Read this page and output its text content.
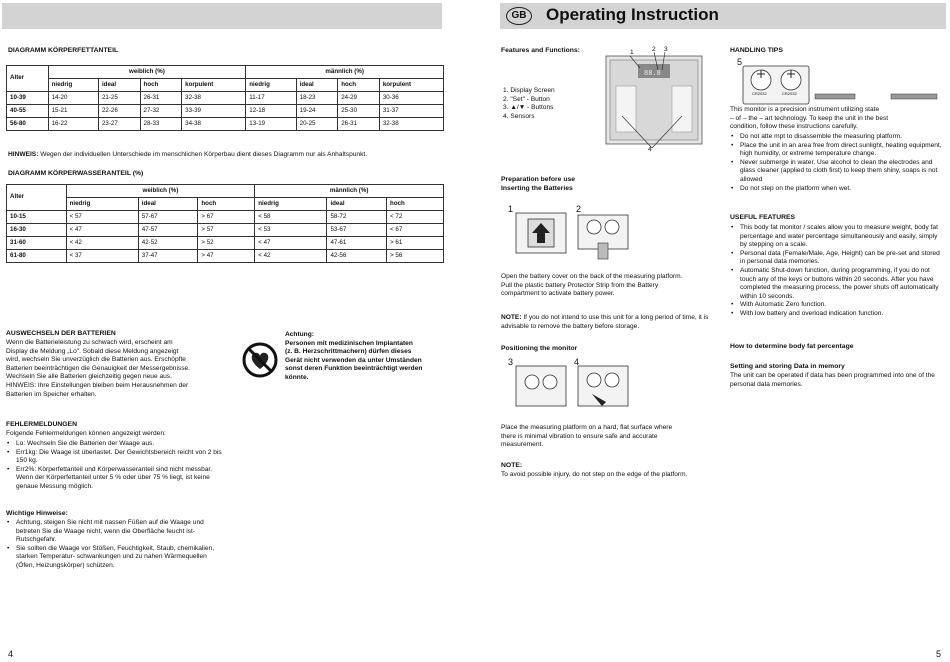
DIAGRAMM KÖRPERFETTANTEIL
Alter	weiblich (%)				männlich (%)			
	niedrig	ideal	hoch	korpulent	niedrig	ideal	hoch	korpulent
10-39	14-20	21-25	26-31	32-38	11-17	18-23	24-29	30-36
40-55	15-21	22-26	27-32	33-39	12-18	19-24	25-30	31-37
56-80	16-22	23-27	28-33	34-38	13-19	20-25	26-31	32-38
HINWEIS: Wegen der individuellen Unterschiede im menschlichen Körperbau dient dieses Diagramm nur als Anhaltspunkt.
DIAGRAMM KÖRPERWASSERANTEIL (%)
Alter	weiblich (%)			männlich (%)		
	niedrig	ideal	hoch	niedrig	ideal	hoch
10-15	< 57	57-67	> 67	< 58	58-72	< 72
16-30	< 47	47-57	> 57	< 53	53-67	< 67
31-60	< 42	42-52	> 52	< 47	47-61	> 61
61-80	< 37	37-47	> 47	< 42	42-56	> 56
AUSWECHSELN DER BATTERIEN
Wenn die Batterieleistung zu schwach wird, erscheint am
Display die Meldung „Lo". Sobald diese Meldung angezeigt
wird, wechseln Sie unverzüglich die Batterien aus. Erschöpfte
Batterien beeinträchtigen die Genauigkeit der Messergebnisse.
Wechseln Sie alle Batterien gleichzeitig gegen neue aus.
HINWEIS: Ihre Einstellungen bleiben beim Herausnehmen der
Batterien im Speicher erhalten.
Achtung:
Personen mit medizinischen Implantaten
(z. B. Herzschrittmachern) dürfen dieses
Gerät nicht verwenden da unter Umständen
sonst deren Funktion beeinträchtigt werden
könnte.
FEHLERMELDUNGEN
Folgende Fehlermeldungen können angezeigt werden:
• Lo: Wechseln Sie die Batterien der Waage aus.
• Err1kg: Die Waage ist überlastet. Der Gewichtsbereich reicht von 2 bis 150 kg.
• Err2%: Körperfettanteil und Körperwasseranteil sind nicht messbar. Wenn der Körperfettanteil unter 5 % oder über 75 % liegt, ist keine genaue Messung möglich.
Wichtige Hinweise:
• Achtung, steigen Sie nicht mit nassen Füßen auf die Waage und betreten Sie die Waage nicht, wenn die Oberfläche feucht ist- Rutschgefahr.
• Sie sollten die Waage vor Stößen, Feuchtigkeit, Staub, chemikalien, starken Temperatur- schwankungen und zu nahen Wärmequellen (Öfen, Heizungskörper) schützen.
4
GB	Operating Instruction
Features and Functions:
1. Display Screen
2. "Set" - Button
3. ▲/▼ - Buttons
4. Sensors
88.8
1	2 3
4
Preparation before use
Inserting the Batteries
1	2
Open the battery cover on the back of the measuring platform.
Pull the plastic battery Protector Strip from the Battery
compartment to activate battery power.
NOTE: If you do not intend to use this unit for a long period of time, it is advisable to remove the battery before storage.
Positioning the monitor
3	4
Place the measuring platform on a hard, flat surface where
there is minimal vibration to ensure safe and accurate
measurement.
NOTE:
To avoid possible injury, do not step on the edge of the platform.
HANDLING TIPS
5
CR2032	CR2032
This monitor is a precision instrument utilizing state
– of – the – art technology. To keep the unit in the best
condition, follow these instructions carefully.
• Do not atte mpt to disassemble the measuring platform.
• Place the unit in an area free from direct sunlight, heating equipment, high humidity, or extreme temperature change.
• Never submerge in water. Use alcohol to clean the electrodes and glass cleaner (applied to cloth first) to keep them shiny, soaps is not allowed
• Do not step on the platform when wet.
USEFUL FEATURES
• This body fat monitor / scales allow you to measure weight, body fat percentage and water percentage simultaneously and easily, simply by stepping on a scale.
• Personal data (Female/Male, Age, Height) can be pre-set and stored in personal data memories.
• Automatic Shut-down function, during programming, if you do not touch any of the keys or buttons within 20 seconds. After you have completed the measuring process, the power shuts off automatically within 10 seconds.
• With Automatic Zero function.
• With low battery and overload indication function.
How to determine body fat percentage
Setting and storing Data in memory
The unit can be operated if data has been programmed into one of the personal data memories.
5
